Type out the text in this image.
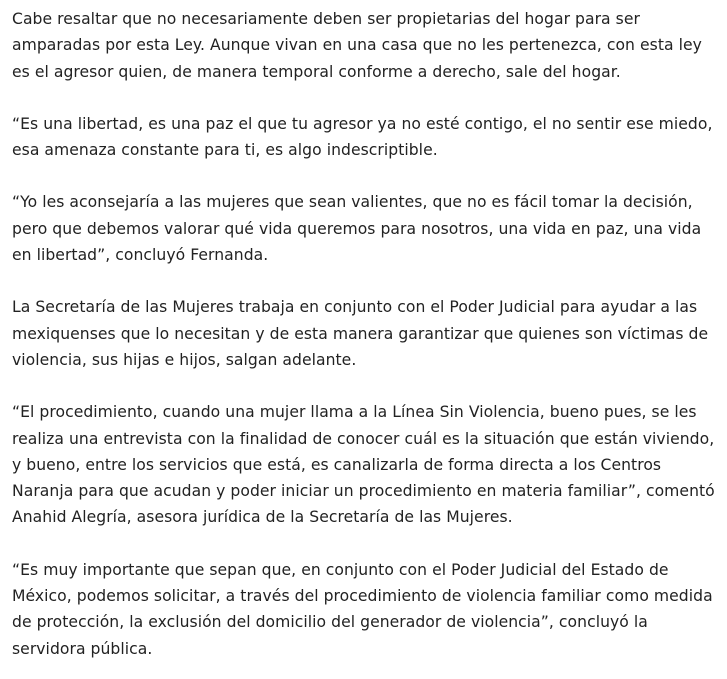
Cabe resaltar que no necesariamente deben ser propietarias del hogar para ser amparadas por esta Ley. Aunque vivan en una casa que no les pertenezca, con esta ley es el agresor quien, de manera temporal conforme a derecho, sale del hogar.

“Es una libertad, es una paz el que tu agresor ya no esté contigo, el no sentir ese miedo, esa amenaza constante para ti, es algo indescriptible.

“Yo les aconsejaría a las mujeres que sean valientes, que no es fácil tomar la decisión, pero que debemos valorar qué vida queremos para nosotros, una vida en paz, una vida en libertad”, concluyó Fernanda.

La Secretaría de las Mujeres trabaja en conjunto con el Poder Judicial para ayudar a las mexiquenses que lo necesitan y de esta manera garantizar que quienes son víctimas de violencia, sus hijas e hijos, salgan adelante.

“El procedimiento, cuando una mujer llama a la Línea Sin Violencia, bueno pues, se les realiza una entrevista con la finalidad de conocer cuál es la situación que están viviendo, y bueno, entre los servicios que está, es canalizarla de forma directa a los Centros Naranja para que acudan y poder iniciar un procedimiento en materia familiar”, comentó Anahid Alegría, asesora jurídica de la Secretaría de las Mujeres.

“Es muy importante que sepan que, en conjunto con el Poder Judicial del Estado de México, podemos solicitar, a través del procedimiento de violencia familiar como medida de protección, la exclusión del domicilio del generador de violencia”, concluyó la servidora pública.
